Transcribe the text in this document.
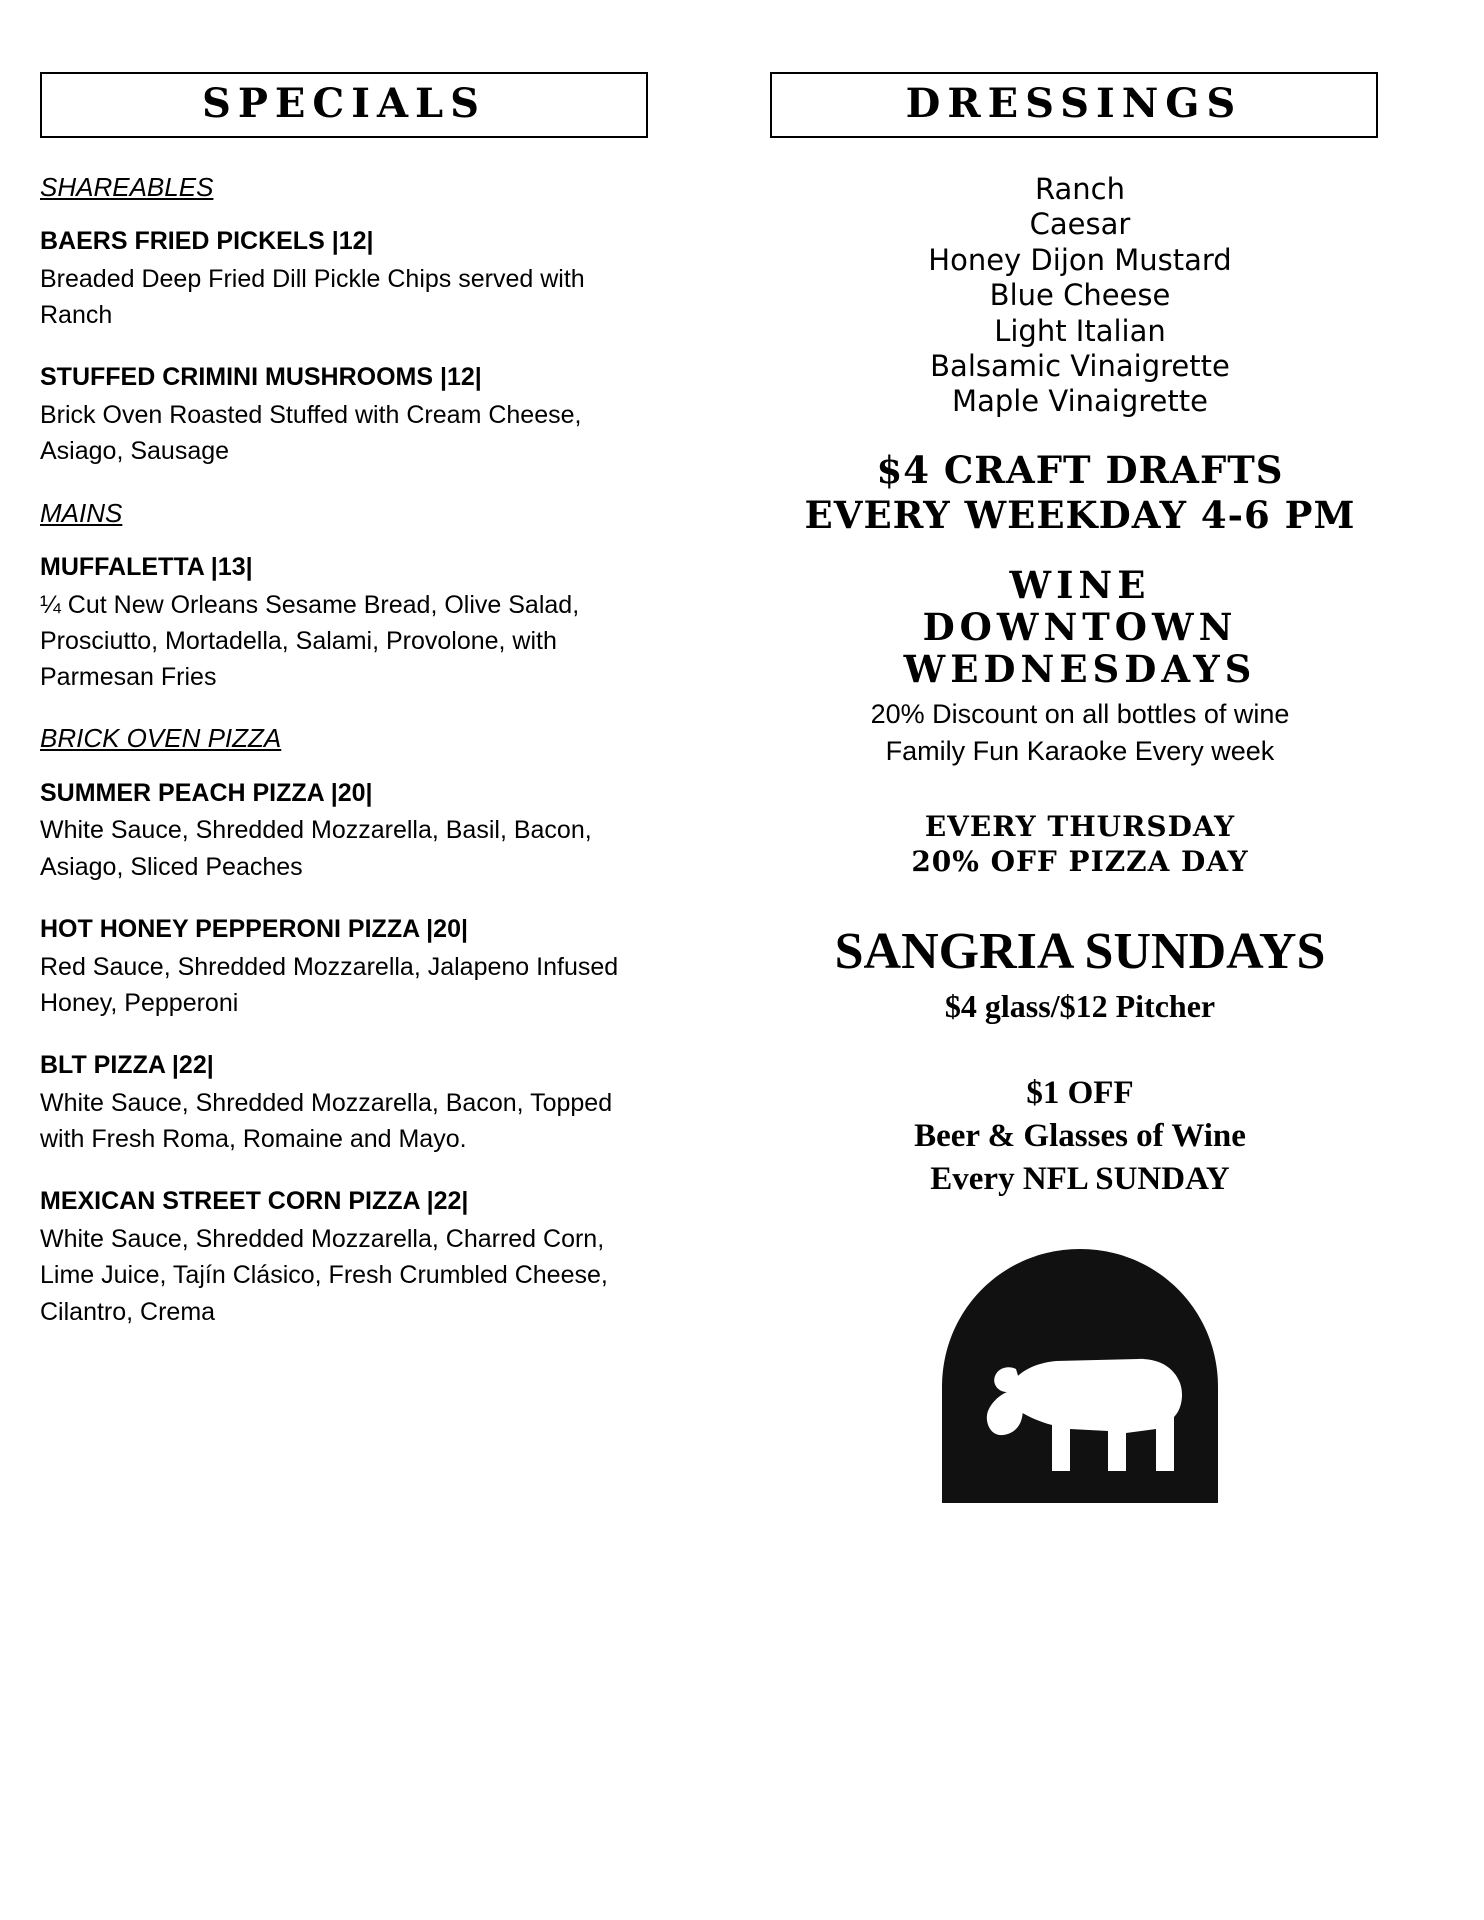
SPECIALS
SHAREABLES
BAERS FRIED PICKELS |12|
Breaded Deep Fried Dill Pickle Chips served with Ranch
STUFFED CRIMINI MUSHROOMS |12|
Brick Oven Roasted Stuffed with Cream Cheese, Asiago, Sausage
MAINS
MUFFALETTA |13|
¼ Cut New Orleans Sesame Bread, Olive Salad, Prosciutto, Mortadella, Salami, Provolone, with Parmesan Fries
BRICK OVEN PIZZA
SUMMER PEACH PIZZA |20|
White Sauce, Shredded Mozzarella, Basil, Bacon, Asiago, Sliced Peaches
HOT HONEY PEPPERONI PIZZA |20|
Red Sauce, Shredded Mozzarella, Jalapeno Infused Honey, Pepperoni
BLT PIZZA |22|
White Sauce, Shredded Mozzarella, Bacon, Topped with Fresh Roma, Romaine and Mayo.
MEXICAN STREET CORN PIZZA |22|
White Sauce, Shredded Mozzarella, Charred Corn, Lime Juice, Tajín Clásico, Fresh Crumbled Cheese, Cilantro, Crema
DRESSINGS
Ranch
Caesar
Honey Dijon Mustard
Blue Cheese
Light Italian
Balsamic Vinaigrette
Maple Vinaigrette
$4 CRAFT DRAFTS
EVERY WEEKDAY 4-6 PM
WINE
DOWNTOWN
WEDNESDAYS
20% Discount on all bottles of wine
Family Fun Karaoke Every week
EVERY THURSDAY
20% OFF PIZZA DAY
SANGRIA SUNDAYS
$4 glass/$12 Pitcher
$1 OFF
Beer & Glasses of Wine
Every NFL SUNDAY
